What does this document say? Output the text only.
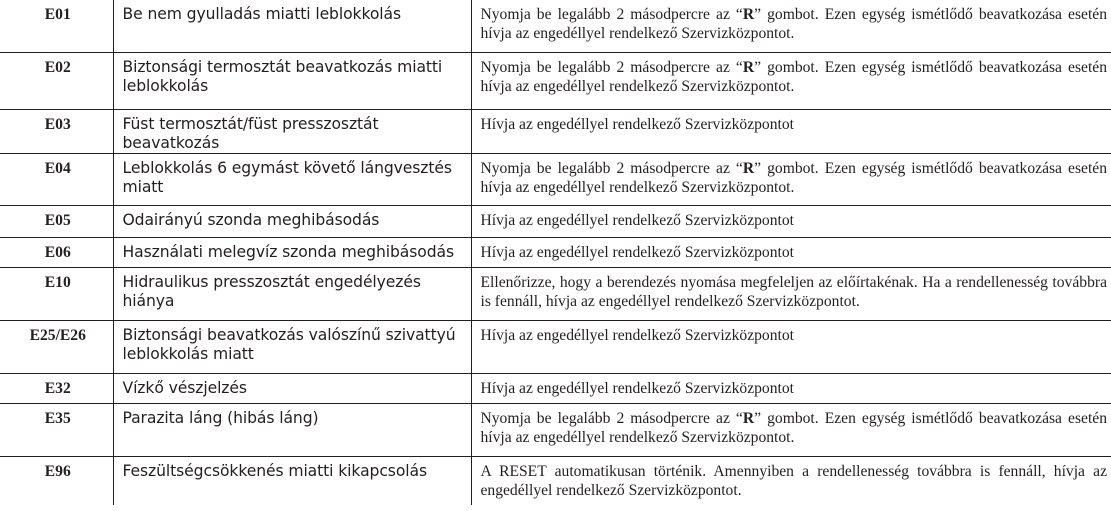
E01	Be nem gyulladás miatti leblokkolás	Nyomja be legalább 2 másodpercre az “R” gombot. Ezen egység ismétlődő beavatkozása esetén hívja az engedéllyel rendelkező Szervizközpontot.
E02	Biztonsági termosztát beavatkozás miatti leblokkolás	Nyomja be legalább 2 másodpercre az “R” gombot. Ezen egység ismétlődő beavatkozása esetén hívja az engedéllyel rendelkező Szervizközpontot.
E03	Füst termosztát/füst presszosztát beavatkozás	Hívja az engedéllyel rendelkező Szervizközpontot
E04	Leblokkolás 6 egymást követő lángvesztés miatt	Nyomja be legalább 2 másodpercre az “R” gombot. Ezen egység ismétlődő beavatkozása esetén hívja az engedéllyel rendelkező Szervizközpontot.
E05	Odairányú szonda meghibásodás	Hívja az engedéllyel rendelkező Szervizközpontot
E06	Használati melegvíz szonda meghibásodás	Hívja az engedéllyel rendelkező Szervizközpontot
E10	Hidraulikus presszosztát engedélyezés hiánya	Ellenőrizze, hogy a berendezés nyomása megfeleljen az előírtakénak. Ha a rendellenesség továbbra is fennáll, hívja az engedéllyel rendelkező Szervizközpontot.
E25/E26	Biztonsági beavatkozás valószínű szivattyú leblokkolás miatt	Hívja az engedéllyel rendelkező Szervizközpontot
E32	Vízkő vészjelzés	Hívja az engedéllyel rendelkező Szervizközpontot
E35	Parazita láng (hibás láng)	Nyomja be legalább 2 másodpercre az “R” gombot. Ezen egység ismétlődő beavatkozása esetén hívja az engedéllyel rendelkező Szervizközpontot.
E96	Feszültségcsökkenés miatti kikapcsolás	A RESET automatikusan történik. Amennyiben a rendellenesség továbbra is fennáll, hívja az engedéllyel rendelkező Szervizközpontot.
